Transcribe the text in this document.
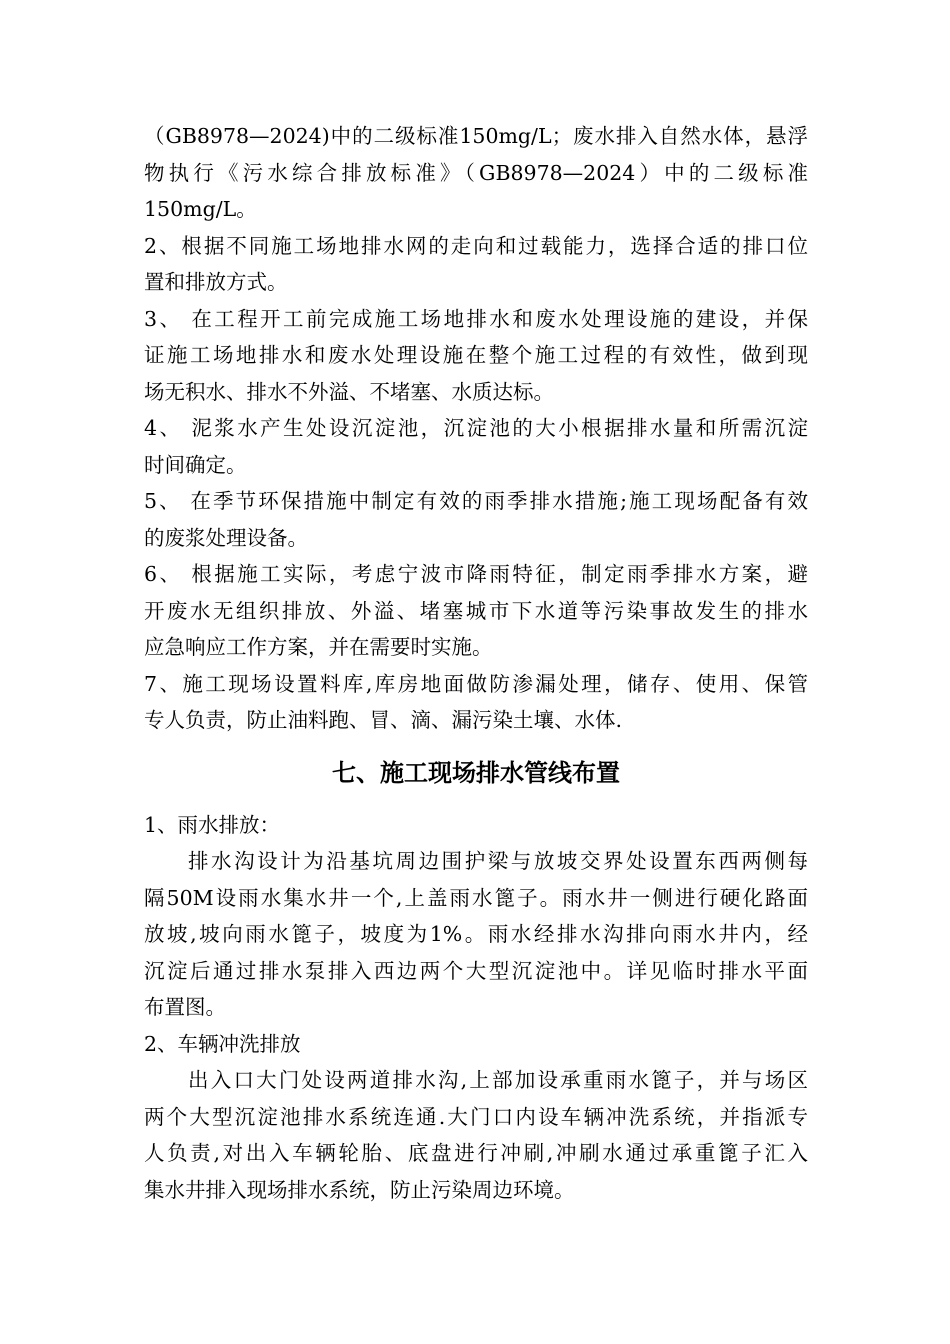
（GB8978—2024)中的二级标准150mg/L；废水排入自然水体，悬浮
物执行《污水综合排放标准》（GB8978—2024）中的二级标准
150mg/L。
2、根据不同施工场地排水网的走向和过载能力，选择合适的排口位
置和排放方式。
3、 在工程开工前完成施工场地排水和废水处理设施的建设，并保
证施工场地排水和废水处理设施在整个施工过程的有效性，做到现
场无积水、排水不外溢、不堵塞、水质达标。
4、 泥浆水产生处设沉淀池，沉淀池的大小根据排水量和所需沉淀
时间确定。
5、 在季节环保措施中制定有效的雨季排水措施;施工现场配备有效
的废浆处理设备。
6、 根据施工实际，考虑宁波市降雨特征，制定雨季排水方案，避
开废水无组织排放、外溢、堵塞城市下水道等污染事故发生的排水
应急响应工作方案，并在需要时实施。
7、施工现场设置料库,库房地面做防渗漏处理，储存、使用、保管
专人负责，防止油料跑、冒、滴、漏污染土壤、水体.
七、施工现场排水管线布置
1、雨水排放：
排水沟设计为沿基坑周边围护梁与放坡交界处设置东西两侧每
隔50M设雨水集水井一个,上盖雨水篦子。雨水井一侧进行硬化路面
放坡,坡向雨水篦子，坡度为1%。雨水经排水沟排向雨水井内，经
沉淀后通过排水泵排入西边两个大型沉淀池中。详见临时排水平面
布置图。
2、车辆冲洗排放
出入口大门处设两道排水沟,上部加设承重雨水篦子，并与场区
两个大型沉淀池排水系统连通.大门口内设车辆冲洗系统，并指派专
人负责,对出入车辆轮胎、底盘进行冲刷,冲刷水通过承重篦子汇入
集水井排入现场排水系统，防止污染周边环境。
